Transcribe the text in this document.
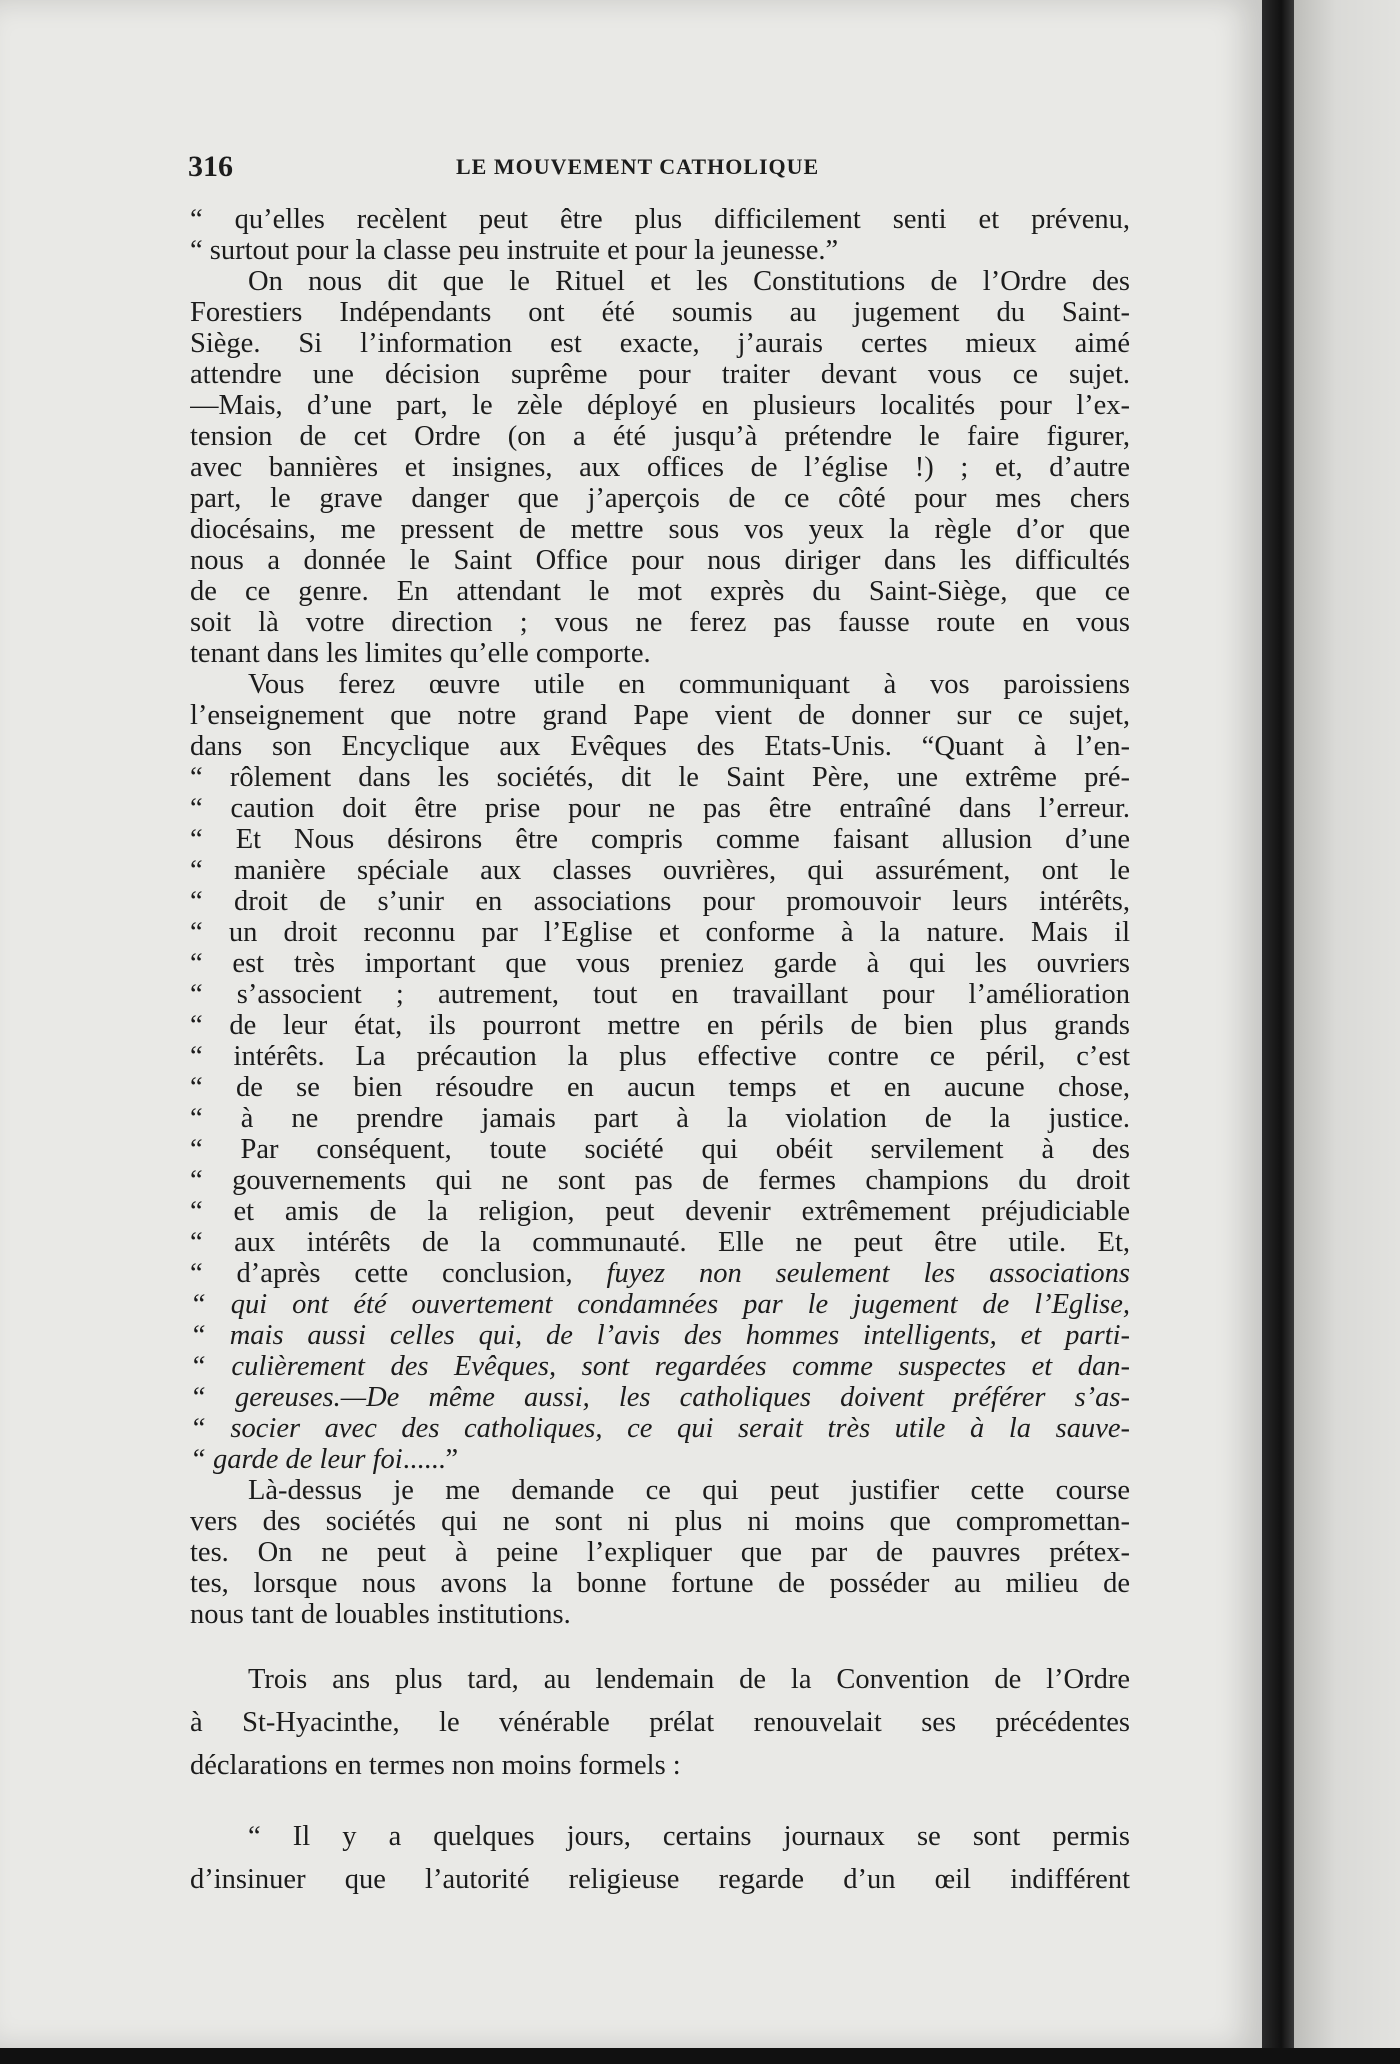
316	LE MOUVEMENT CATHOLIQUE
“ qu’elles recèlent peut être plus difficilement senti et prévenu,
“ surtout pour la classe peu instruite et pour la jeunesse.”
On nous dit que le Rituel et les Constitutions de l’Ordre des
Forestiers Indépendants ont été soumis au jugement du Saint-
Siège. Si l’information est exacte, j’aurais certes mieux aimé
attendre une décision suprême pour traiter devant vous ce sujet.
—Mais, d’une part, le zèle déployé en plusieurs localités pour l’ex-
tension de cet Ordre (on a été jusqu’à prétendre le faire figurer,
avec bannières et insignes, aux offices de l’église !) ; et, d’autre
part, le grave danger que j’aperçois de ce côté pour mes chers
diocésains, me pressent de mettre sous vos yeux la règle d’or que
nous a donnée le Saint Office pour nous diriger dans les difficultés
de ce genre. En attendant le mot exprès du Saint-Siège, que ce
soit là votre direction ; vous ne ferez pas fausse route en vous
tenant dans les limites qu’elle comporte.
Vous ferez œuvre utile en communiquant à vos paroissiens
l’enseignement que notre grand Pape vient de donner sur ce sujet,
dans son Encyclique aux Evêques des Etats-Unis. “Quant à l’en-
“ rôlement dans les sociétés, dit le Saint Père, une extrême pré-
“ caution doit être prise pour ne pas être entraîné dans l’erreur.
“ Et Nous désirons être compris comme faisant allusion d’une
“ manière spéciale aux classes ouvrières, qui assurément, ont le
“ droit de s’unir en associations pour promouvoir leurs intérêts,
“ un droit reconnu par l’Eglise et conforme à la nature. Mais il
“ est très important que vous preniez garde à qui les ouvriers
“ s’associent ; autrement, tout en travaillant pour l’amélioration
“ de leur état, ils pourront mettre en périls de bien plus grands
“ intérêts. La précaution la plus effective contre ce péril, c’est
“ de se bien résoudre en aucun temps et en aucune chose,
“ à ne prendre jamais part à la violation de la justice.
“ Par conséquent, toute société qui obéit servilement à des
“ gouvernements qui ne sont pas de fermes champions du droit
“ et amis de la religion, peut devenir extrêmement préjudiciable
“ aux intérêts de la communauté. Elle ne peut être utile. Et,
“ d’après cette conclusion, fuyez non seulement les associations
“ qui ont été ouvertement condamnées par le jugement de l’Eglise,
“ mais aussi celles qui, de l’avis des hommes intelligents, et parti-
“ culièrement des Evêques, sont regardées comme suspectes et dan-
“ gereuses.—De même aussi, les catholiques doivent préférer s’as-
“ socier avec des catholiques, ce qui serait très utile à la sauve-
“ garde de leur foi......”
Là-dessus je me demande ce qui peut justifier cette course
vers des sociétés qui ne sont ni plus ni moins que compromettan-
tes. On ne peut à peine l’expliquer que par de pauvres prétex-
tes, lorsque nous avons la bonne fortune de posséder au milieu de
nous tant de louables institutions.
Trois ans plus tard, au lendemain de la Convention de l’Ordre
à St-Hyacinthe, le vénérable prélat renouvelait ses précédentes
déclarations en termes non moins formels :
“ Il y a quelques jours, certains journaux se sont permis
d’insinuer que l’autorité religieuse regarde d’un œil indifférent
